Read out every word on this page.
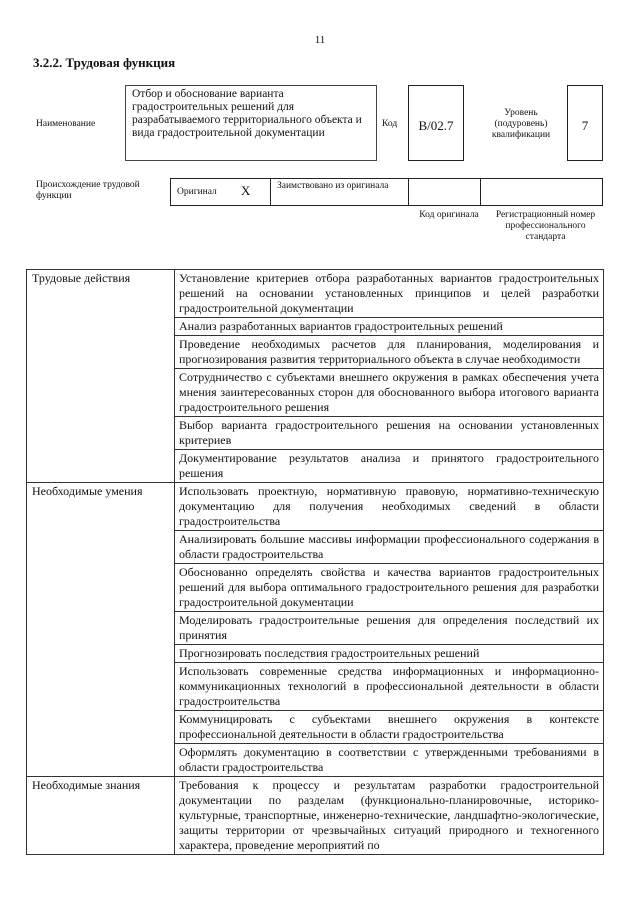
11
3.2.2. Трудовая функция
Наименование
Отбор и обоснование варианта градостроительных решений для разрабатываемого территориального объекта и вида градостроительной документации
Код	B/02.7
Уровень (подуровень) квалификации
7
Происхождение трудовой функции	Оригинал X	Заимствовано из оригинала
Код оригинала	Регистрационный номер профессионального стандарта
Трудовые действия	Установление критериев отбора разработанных вариантов градостроительных решений на основании установленных принципов и целей разработки градостроительной документации
	Анализ разработанных вариантов градостроительных решений
	Проведение необходимых расчетов для планирования, моделирования и прогнозирования развития территориального объекта в случае необходимости
	Сотрудничество с субъектами внешнего окружения в рамках обеспечения учета мнения заинтересованных сторон для обоснованного выбора итогового варианта градостроительного решения
	Выбор варианта градостроительного решения на основании установленных критериев
	Документирование результатов анализа и принятого градостроительного решения
Необходимые умения	Использовать проектную, нормативную правовую, нормативно-техническую документацию для получения необходимых сведений в области градостроительства
	Анализировать большие массивы информации профессионального содержания в области градостроительства
	Обоснованно определять свойства и качества вариантов градостроительных решений для выбора оптимального градостроительного решения для разработки градостроительной документации
	Моделировать градостроительные решения для определения последствий их принятия
	Прогнозировать последствия градостроительных решений
	Использовать современные средства информационных и информационно-коммуникационных технологий в профессиональной деятельности в области градостроительства
	Коммуницировать с субъектами внешнего окружения в контексте профессиональной деятельности в области градостроительства
	Оформлять документацию в соответствии с утвержденными требованиями в области градостроительства
Необходимые знания	Требования к процессу и результатам разработки градостроительной документации по разделам (функционально-планировочные, историко-культурные, транспортные, инженерно-технические, ландшафтно-экологические, защиты территории от чрезвычайных ситуаций природного и техногенного характера, проведение мероприятий по
